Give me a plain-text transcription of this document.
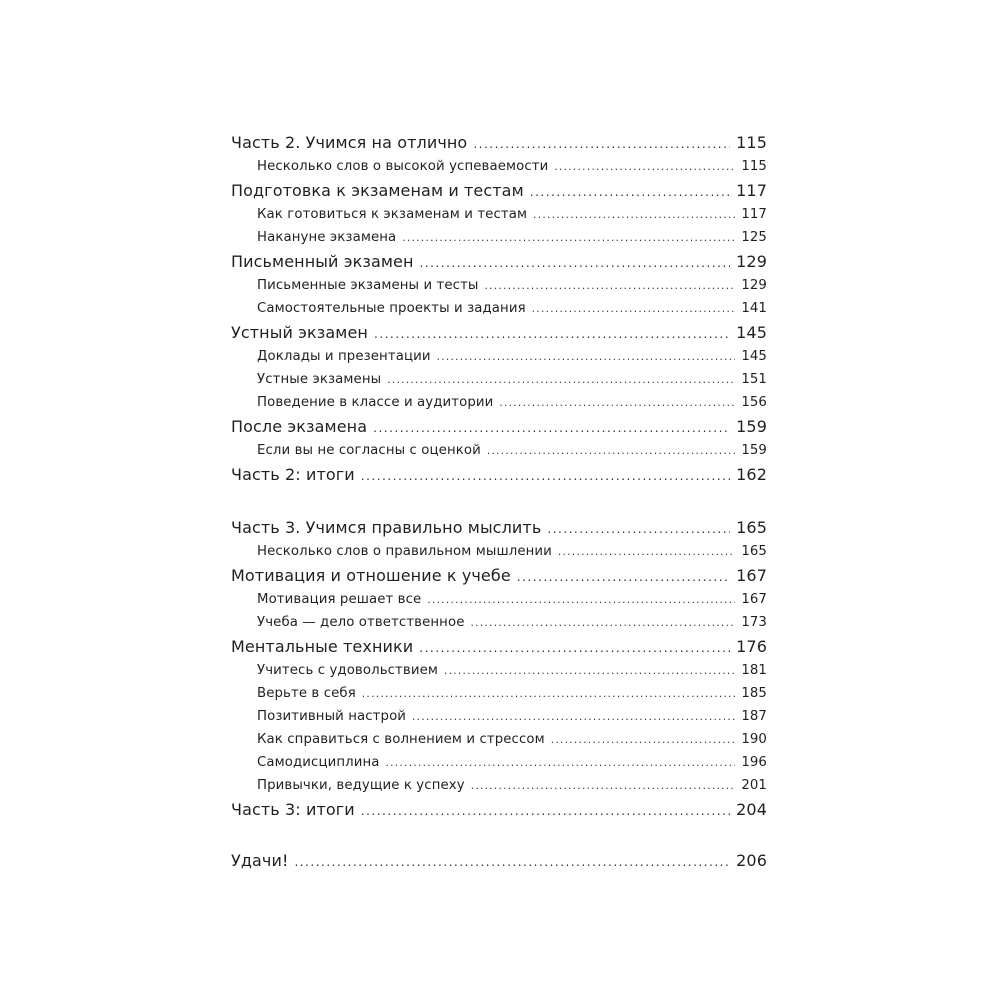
Часть 2. Учимся на отлично .....	115
Несколько слов о высокой успеваемости .....	115
Подготовка к экзаменам и тестам .....	117
Как готовиться к экзаменам и тестам .....	117
Накануне экзамена .....	125
Письменный экзамен .....	129
Письменные экзамены и тесты .....	129
Самостоятельные проекты и задания .....	141
Устный экзамен .....	145
Доклады и презентации .....	145
Устные экзамены .....	151
Поведение в классе и аудитории .....	156
После экзамена .....	159
Если вы не согласны с оценкой .....	159
Часть 2: итоги .....	162
Часть 3. Учимся правильно мыслить .....	165
Несколько слов о правильном мышлении .....	165
Мотивация и отношение к учебе .....	167
Мотивация решает все .....	167
Учеба — дело ответственное .....	173
Ментальные техники .....	176
Учитесь с удовольствием .....	181
Верьте в себя .....	185
Позитивный настрой .....	187
Как справиться с волнением и стрессом .....	190
Самодисциплина .....	196
Привычки, ведущие к успеху .....	201
Часть 3: итоги .....	204
Удачи! .....	206
